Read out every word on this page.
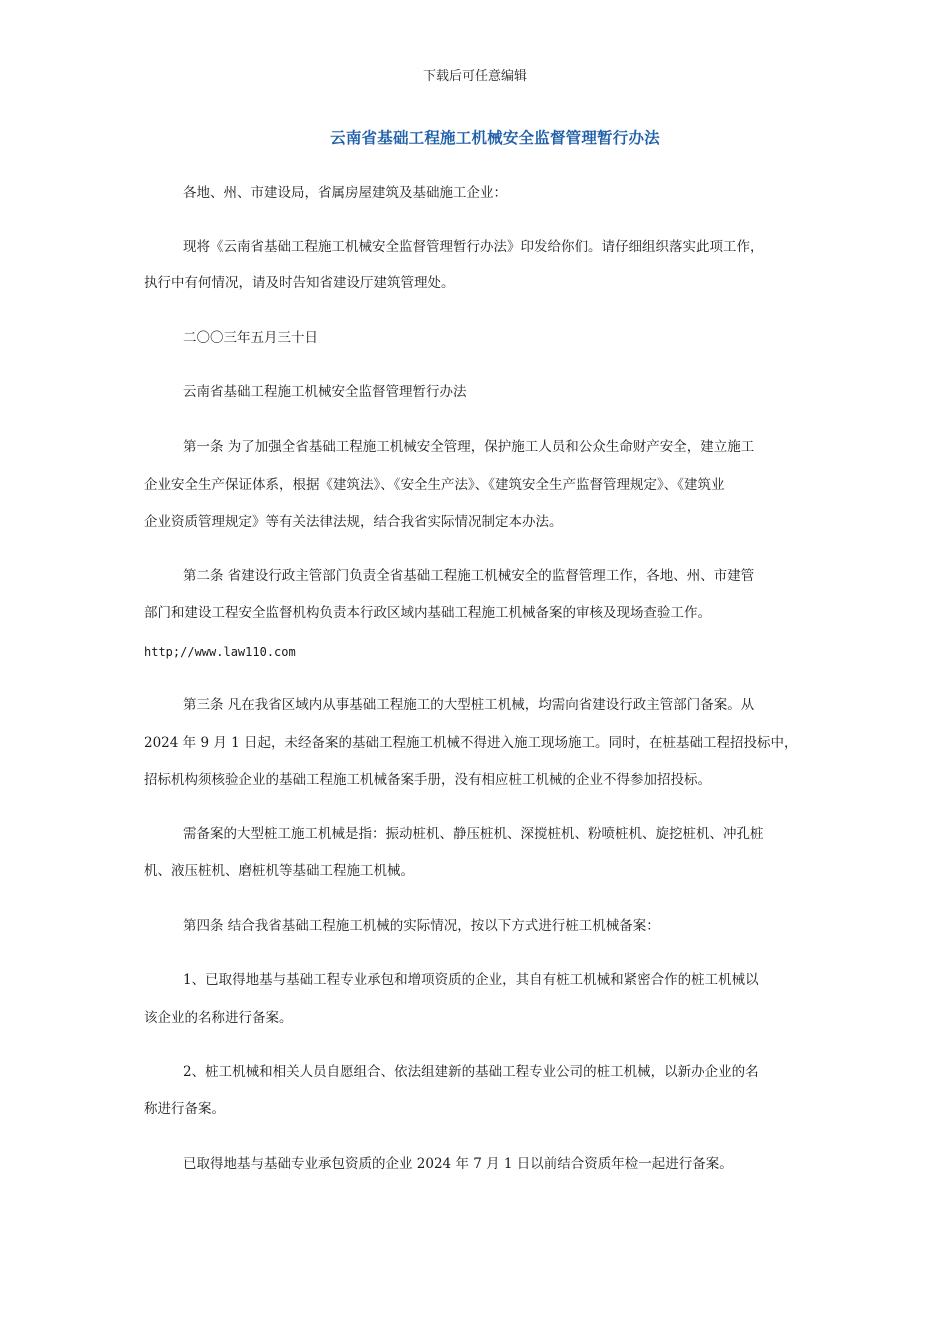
下载后可任意编辑
云南省基础工程施工机械安全监督管理暂行办法
各地、州、市建设局，省属房屋建筑及基础施工企业：
现将《云南省基础工程施工机械安全监督管理暂行办法》印发给你们。请仔细组织落实此项工作，
执行中有何情况，请及时告知省建设厅建筑管理处。
二〇〇三年五月三十日
云南省基础工程施工机械安全监督管理暂行办法
第一条 为了加强全省基础工程施工机械安全管理，保护施工人员和公众生命财产安全，建立施工
企业安全生产保证体系，根据《建筑法》、《安全生产法》、《建筑安全生产监督管理规定》、《建筑业
企业资质管理规定》等有关法律法规，结合我省实际情况制定本办法。
第二条 省建设行政主管部门负责全省基础工程施工机械安全的监督管理工作，各地、州、市建管
部门和建设工程安全监督机构负责本行政区域内基础工程施工机械备案的审核及现场查验工作。
http;//www.law110.com
第三条 凡在我省区域内从事基础工程施工的大型桩工机械，均需向省建设行政主管部门备案。从
2024 年 9 月 1 日起，未经备案的基础工程施工机械不得进入施工现场施工。同时，在桩基础工程招投标中，
招标机构须核验企业的基础工程施工机械备案手册，没有相应桩工机械的企业不得参加招投标。
需备案的大型桩工施工机械是指：振动桩机、静压桩机、深搅桩机、粉喷桩机、旋挖桩机、冲孔桩
机、液压桩机、磨桩机等基础工程施工机械。
第四条 结合我省基础工程施工机械的实际情况，按以下方式进行桩工机械备案：
1、已取得地基与基础工程专业承包和增项资质的企业，其自有桩工机械和紧密合作的桩工机械以
该企业的名称进行备案。
2、桩工机械和相关人员自愿组合、依法组建新的基础工程专业公司的桩工机械，以新办企业的名
称进行备案。
已取得地基与基础专业承包资质的企业 2024 年 7 月 1 日以前结合资质年检一起进行备案。
